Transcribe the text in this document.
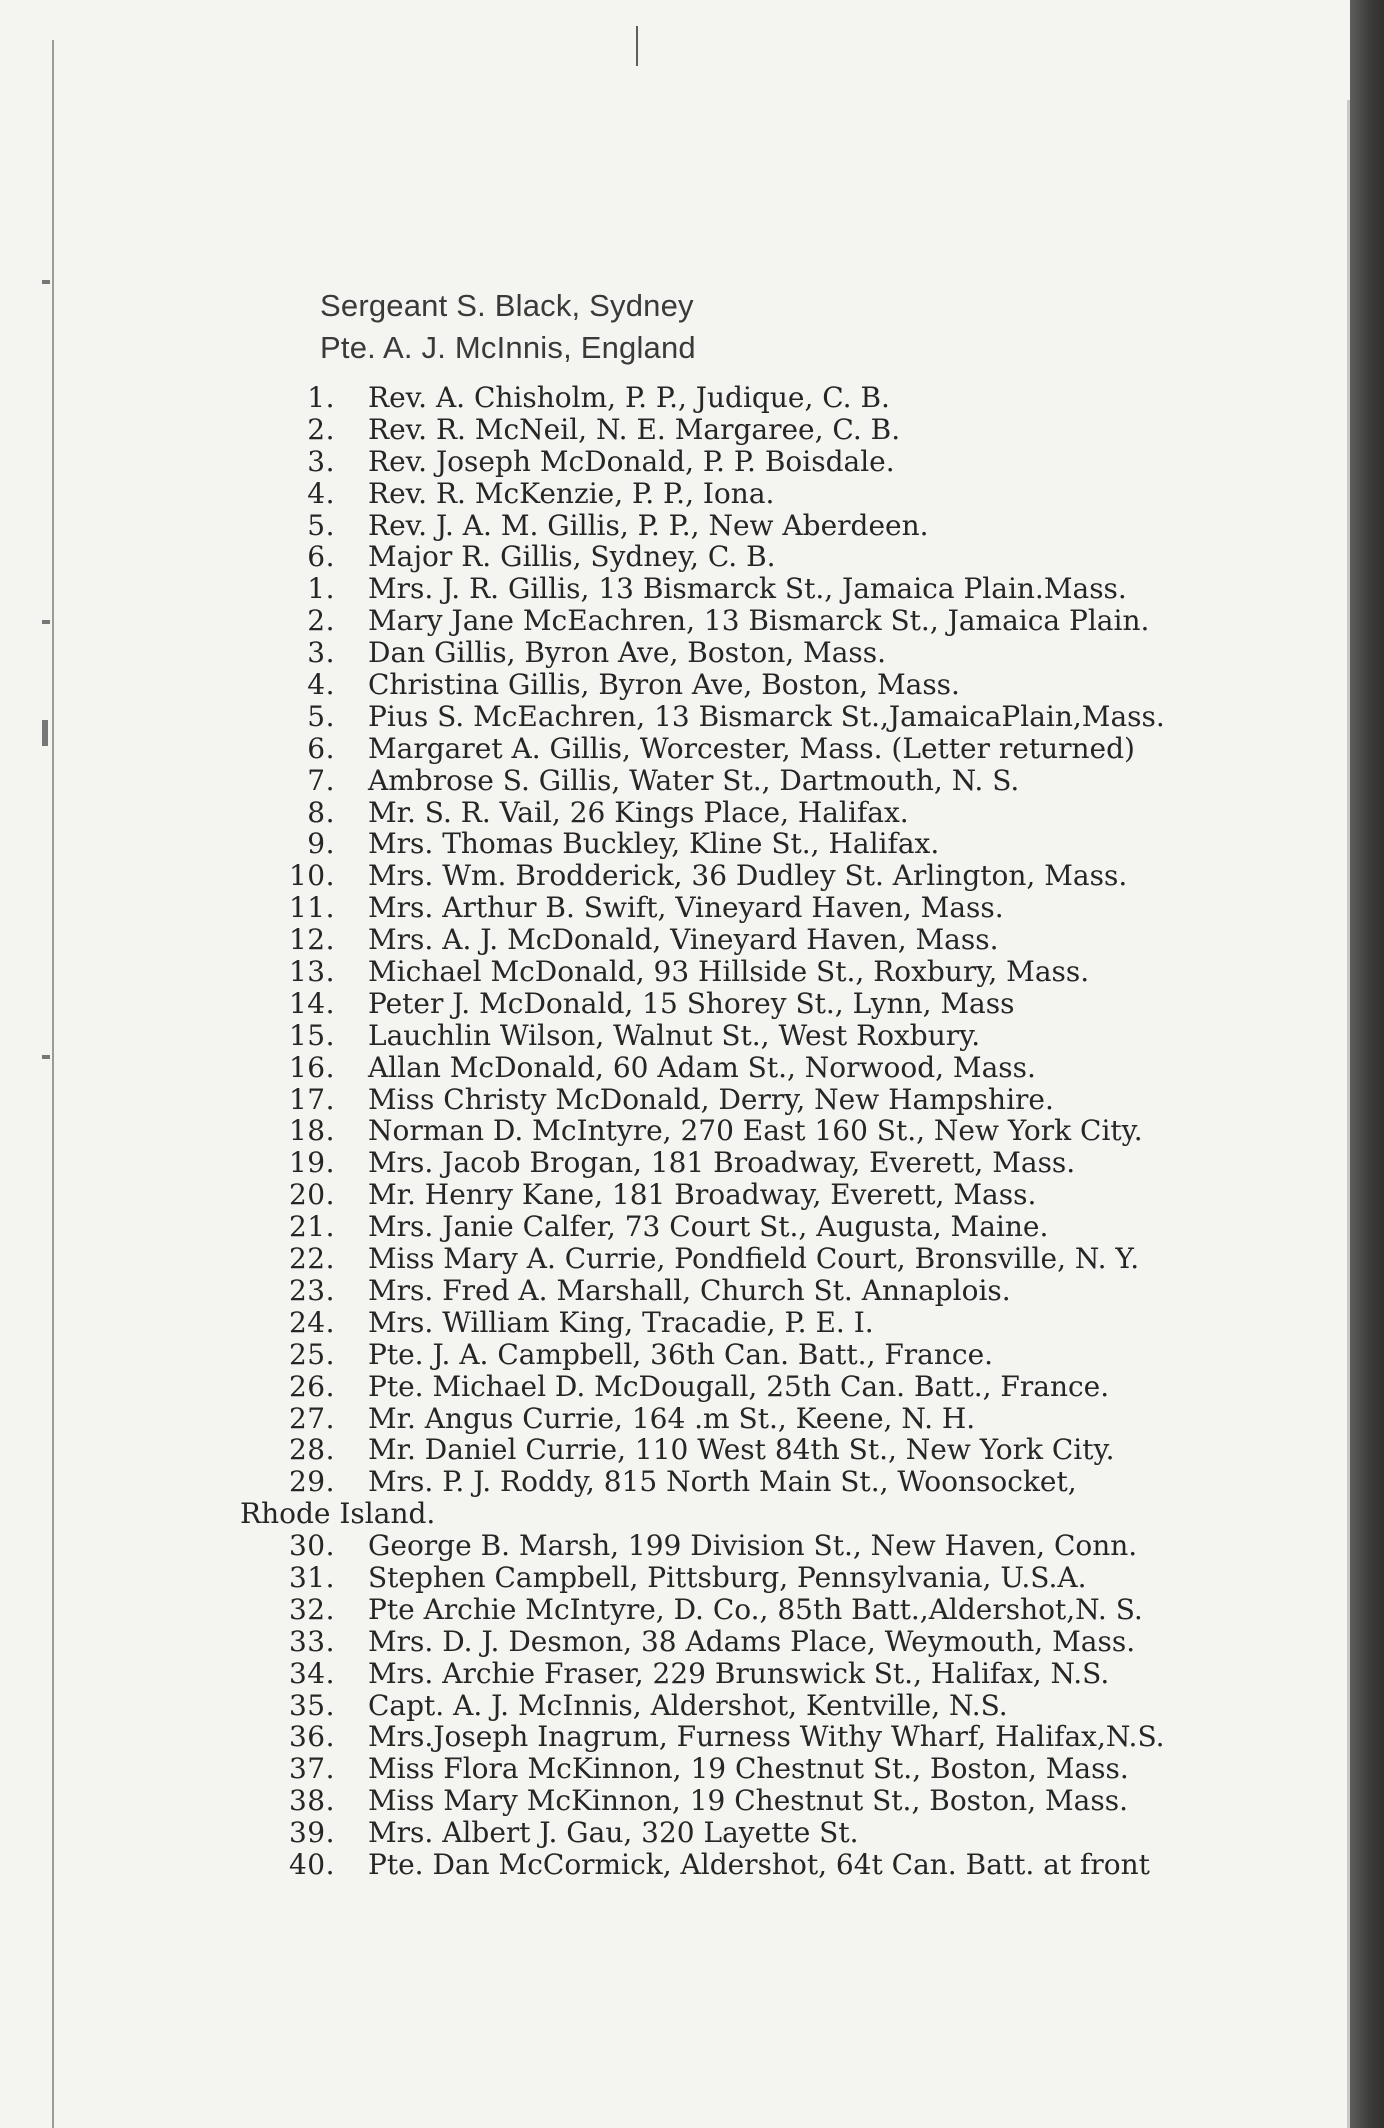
Sergeant S. Black, Sydney
Pte. A. J. McInnis, England
1. Rev. A. Chisholm, P. P., Judique, C. B.
2. Rev. R. McNeil, N. E. Margaree, C. B.
3. Rev. Joseph McDonald, P. P. Boisdale.
4. Rev. R. McKenzie, P. P., Iona.
5. Rev. J. A. M. Gillis, P. P., New Aberdeen.
6. Major R. Gillis, Sydney, C. B.
1. Mrs. J. R. Gillis, 13 Bismarck St., Jamaica Plain.Mass.
2. Mary Jane McEachren, 13 Bismarck St., Jamaica Plain.
3. Dan Gillis, Byron Ave, Boston, Mass.
4. Christina Gillis, Byron Ave, Boston, Mass.
5. Pius S. McEachren, 13 Bismarck St.,JamaicaPlain,Mass.
6. Margaret A. Gillis, Worcester, Mass. (Letter returned)
7. Ambrose S. Gillis, Water St., Dartmouth, N. S.
8. Mr. S. R. Vail, 26 Kings Place, Halifax.
9. Mrs. Thomas Buckley, Kline St., Halifax.
10. Mrs. Wm. Brodderick, 36 Dudley St. Arlington, Mass.
11. Mrs. Arthur B. Swift, Vineyard Haven, Mass.
12. Mrs. A. J. McDonald, Vineyard Haven, Mass.
13. Michael McDonald, 93 Hillside St., Roxbury, Mass.
14. Peter J. McDonald, 15 Shorey St., Lynn, Mass
15. Lauchlin Wilson, Walnut St., West Roxbury.
16. Allan McDonald, 60 Adam St., Norwood, Mass.
17. Miss Christy McDonald, Derry, New Hampshire.
18. Norman D. McIntyre, 270 East 160 St., New York City.
19. Mrs. Jacob Brogan, 181 Broadway, Everett, Mass.
20. Mr. Henry Kane, 181 Broadway, Everett, Mass.
21. Mrs. Janie Calfer, 73 Court St., Augusta, Maine.
22. Miss Mary A. Currie, Pondfield Court, Bronsville, N. Y.
23. Mrs. Fred A. Marshall, Church St. Annaplois.
24. Mrs. William King, Tracadie, P. E. I.
25. Pte. J. A. Campbell, 36th Can. Batt., France.
26. Pte. Michael D. McDougall, 25th Can. Batt., France.
27. Mr. Angus Currie, 164 .m St., Keene, N. H.
28. Mr. Daniel Currie, 110 West 84th St., New York City.
29. Mrs. P. J. Roddy, 815 North Main St., Woonsocket,
Rhode Island.
30. George B. Marsh, 199 Division St., New Haven, Conn.
31. Stephen Campbell, Pittsburg, Pennsylvania, U.S.A.
32. Pte Archie McIntyre, D. Co., 85th Batt.,Aldershot,N. S.
33. Mrs. D. J. Desmon, 38 Adams Place, Weymouth, Mass.
34. Mrs. Archie Fraser, 229 Brunswick St., Halifax, N.S.
35. Capt. A. J. McInnis, Aldershot, Kentville, N.S.
36. Mrs.Joseph Inagrum, Furness Withy Wharf, Halifax,N.S.
37. Miss Flora McKinnon, 19 Chestnut St., Boston, Mass.
38. Miss Mary McKinnon, 19 Chestnut St., Boston, Mass.
39. Mrs. Albert J. Gau, 320 Layette St.
40. Pte. Dan McCormick, Aldershot, 64t Can. Batt. at front
